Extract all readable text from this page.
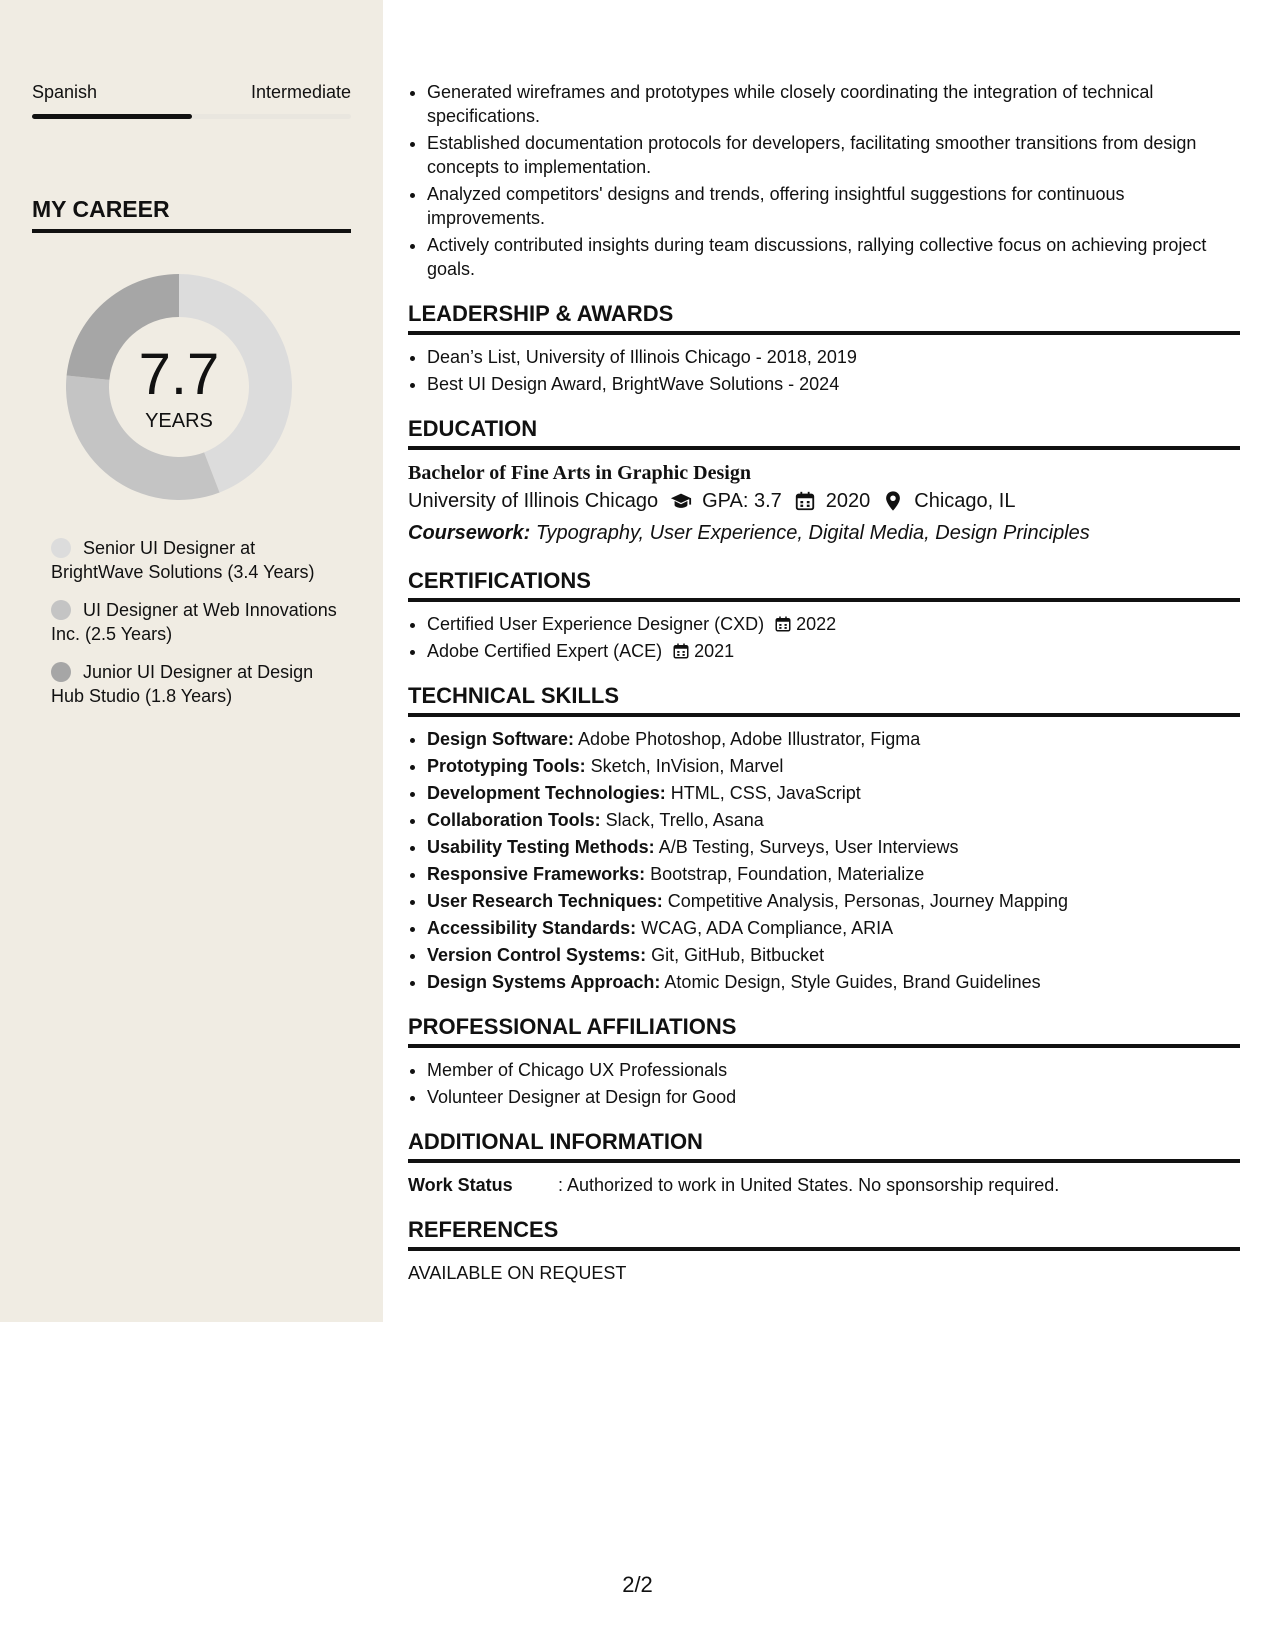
Spanish	Intermediate
MY CAREER
7.7
YEARS
Senior UI Designer at BrightWave Solutions (3.4 Years)
UI Designer at Web Innovations Inc. (2.5 Years)
Junior UI Designer at Design Hub Studio (1.8 Years)
• Generated wireframes and prototypes while closely coordinating the integration of technical specifications.
• Established documentation protocols for developers, facilitating smoother transitions from design concepts to implementation.
• Analyzed competitors' designs and trends, offering insightful suggestions for continuous improvements.
• Actively contributed insights during team discussions, rallying collective focus on achieving project goals.
LEADERSHIP & AWARDS
• Dean’s List, University of Illinois Chicago - 2018, 2019
• Best UI Design Award, BrightWave Solutions - 2024
EDUCATION
Bachelor of Fine Arts in Graphic Design
University of Illinois Chicago GPA: 3.7 2020 Chicago, IL
Coursework: Typography, User Experience, Digital Media, Design Principles
CERTIFICATIONS
• Certified User Experience Designer (CXD) 2022
• Adobe Certified Expert (ACE) 2021
TECHNICAL SKILLS
• Design Software: Adobe Photoshop, Adobe Illustrator, Figma
• Prototyping Tools: Sketch, InVision, Marvel
• Development Technologies: HTML, CSS, JavaScript
• Collaboration Tools: Slack, Trello, Asana
• Usability Testing Methods: A/B Testing, Surveys, User Interviews
• Responsive Frameworks: Bootstrap, Foundation, Materialize
• User Research Techniques: Competitive Analysis, Personas, Journey Mapping
• Accessibility Standards: WCAG, ADA Compliance, ARIA
• Version Control Systems: Git, GitHub, Bitbucket
• Design Systems Approach: Atomic Design, Style Guides, Brand Guidelines
PROFESSIONAL AFFILIATIONS
• Member of Chicago UX Professionals
• Volunteer Designer at Design for Good
ADDITIONAL INFORMATION
Work Status	: Authorized to work in United States. No sponsorship required.
REFERENCES
AVAILABLE ON REQUEST
2/2
